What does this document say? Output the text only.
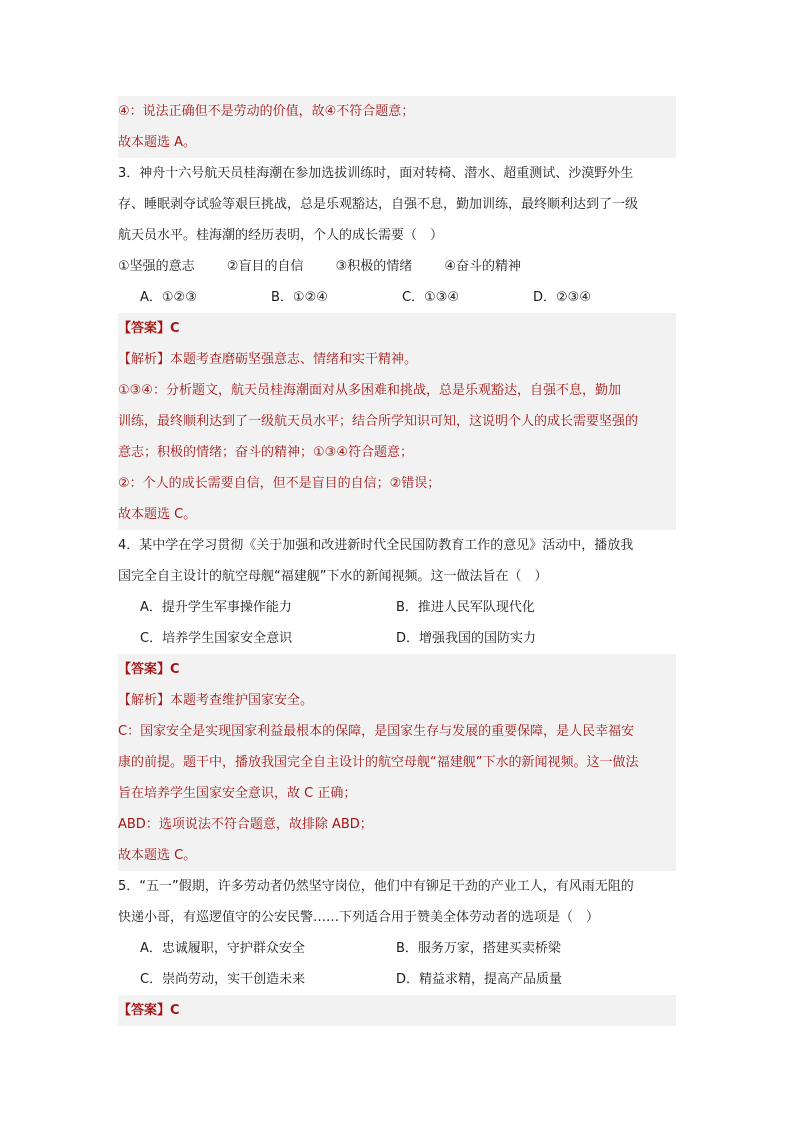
④：说法正确但不是劳动的价值，故④不符合题意；
故本题选 A。
3．神舟十六号航天员桂海潮在参加选拔训练时，面对转椅、潜水、超重测试、沙漠野外生
存、睡眠剥夺试验等艰巨挑战，总是乐观豁达，自强不息，勤加训练，最终顺利达到了一级
航天员水平。桂海潮的经历表明，个人的成长需要（　）
①坚强的意志 ②盲目的自信 ③积极的情绪 ④奋斗的精神
A．①②③	B．①②④	C．①③④	D．②③④
【答案】C
【解析】本题考查磨砺坚强意志、情绪和实干精神。
①③④：分析题文，航天员桂海潮面对从多困难和挑战，总是乐观豁达，自强不息，勤加
训练，最终顺利达到了一级航天员水平；结合所学知识可知，这说明个人的成长需要坚强的
意志；积极的情绪；奋斗的精神；①③④符合题意；
②：个人的成长需要自信，但不是盲目的自信；②错误；
故本题选 C。
4．某中学在学习贯彻《关于加强和改进新时代全民国防教育工作的意见》活动中，播放我
国完全自主设计的航空母舰“福建舰”下水的新闻视频。这一做法旨在（　）
A．提升学生军事操作能力	B．推进人民军队现代化
C．培养学生国家安全意识	D．增强我国的国防实力
【答案】C
【解析】本题考查维护国家安全。
C：国家安全是实现国家利益最根本的保障，是国家生存与发展的重要保障，是人民幸福安
康的前提。题干中，播放我国完全自主设计的航空母舰“福建舰”下水的新闻视频。这一做法
旨在培养学生国家安全意识，故 C 正确；
ABD：选项说法不符合题意，故排除 ABD；
故本题选 C。
5．“五一”假期，许多劳动者仍然坚守岗位，他们中有铆足干劲的产业工人，有风雨无阻的
快递小哥，有巡逻值守的公安民警……下列适合用于赞美全体劳动者的选项是（　）
A．忠诚履职，守护群众安全	B．服务万家，搭建买卖桥梁
C．崇尚劳动，实干创造未来	D．精益求精，提高产品质量
【答案】C
